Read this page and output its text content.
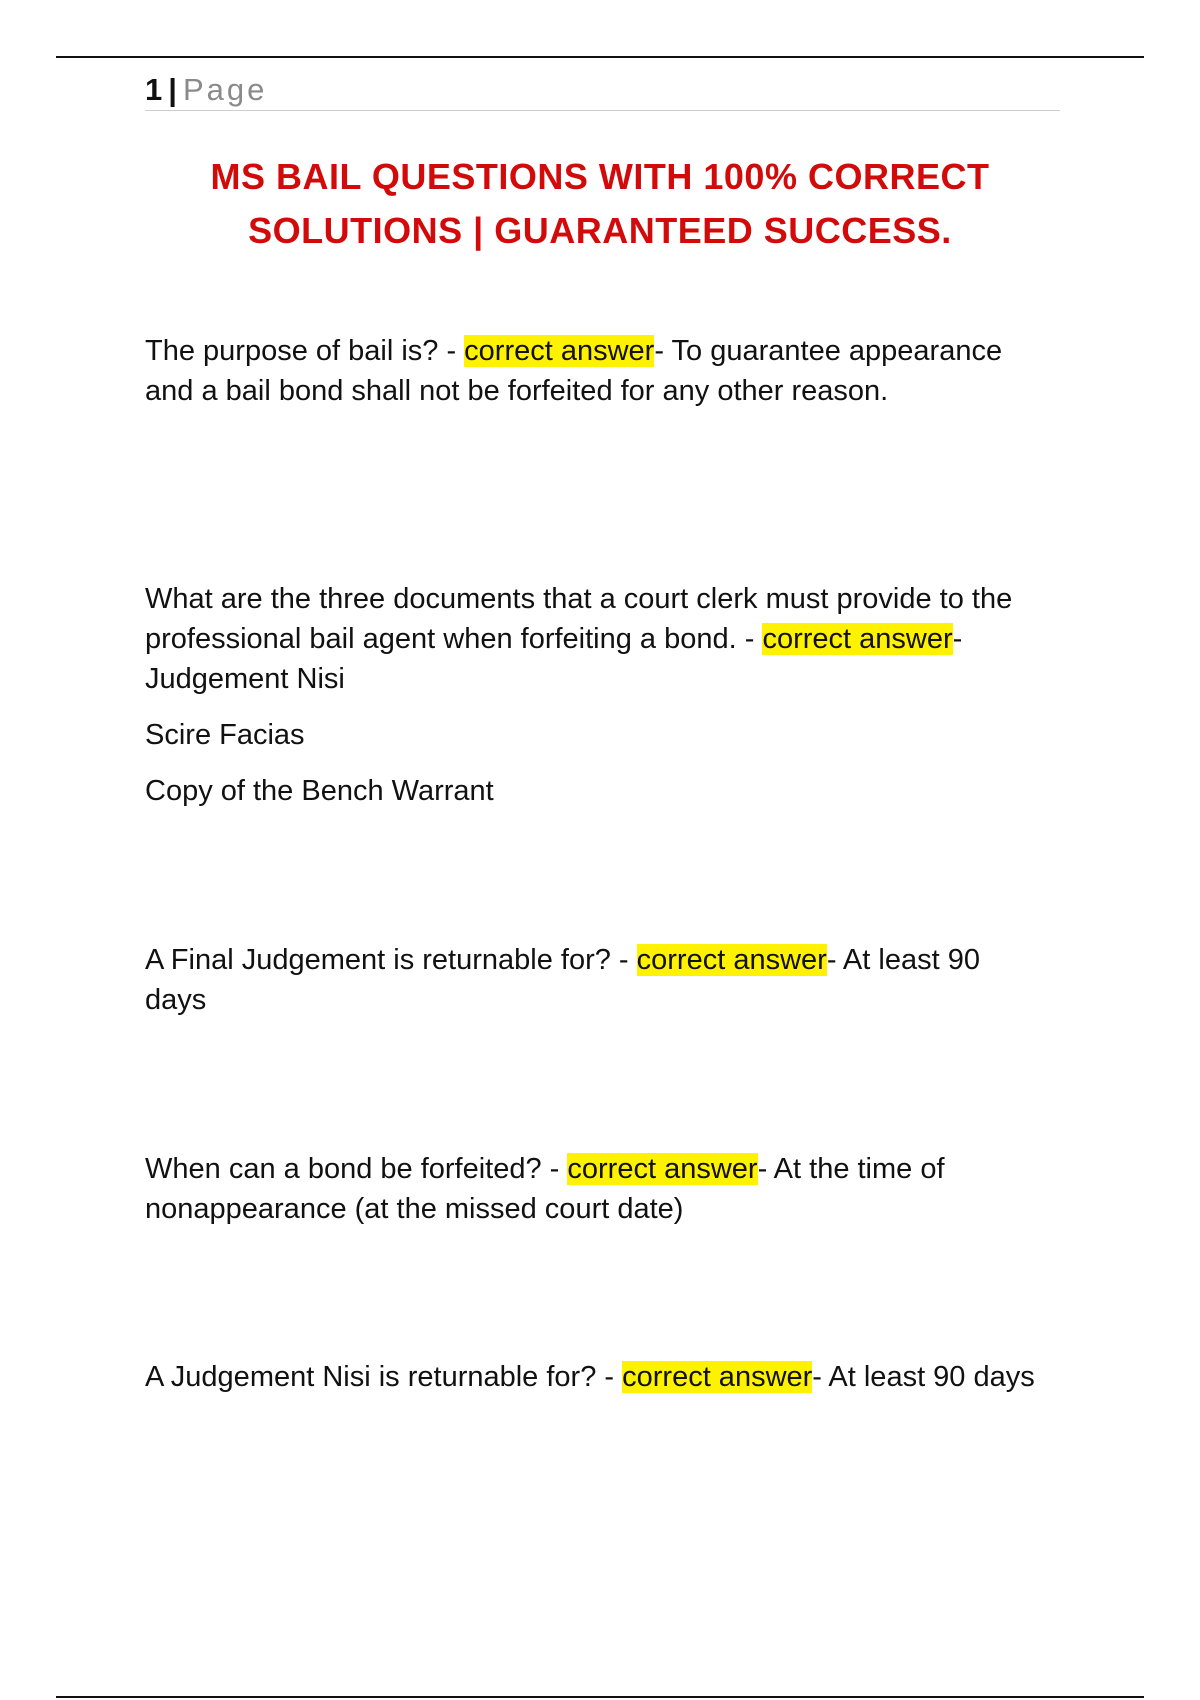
1 | Page
MS BAIL QUESTIONS WITH 100% CORRECT
SOLUTIONS | GUARANTEED SUCCESS.

The purpose of bail is? - correct answer- To guarantee appearance and a bail bond shall not be forfeited for any other reason.

What are the three documents that a court clerk must provide to the professional bail agent when forfeiting a bond. - correct answer- Judgement Nisi

Scire Facias

Copy of the Bench Warrant

A Final Judgement is returnable for? - correct answer- At least 90 days

When can a bond be forfeited? - correct answer- At the time of nonappearance (at the missed court date)

A Judgement Nisi is returnable for? - correct answer- At least 90 days
